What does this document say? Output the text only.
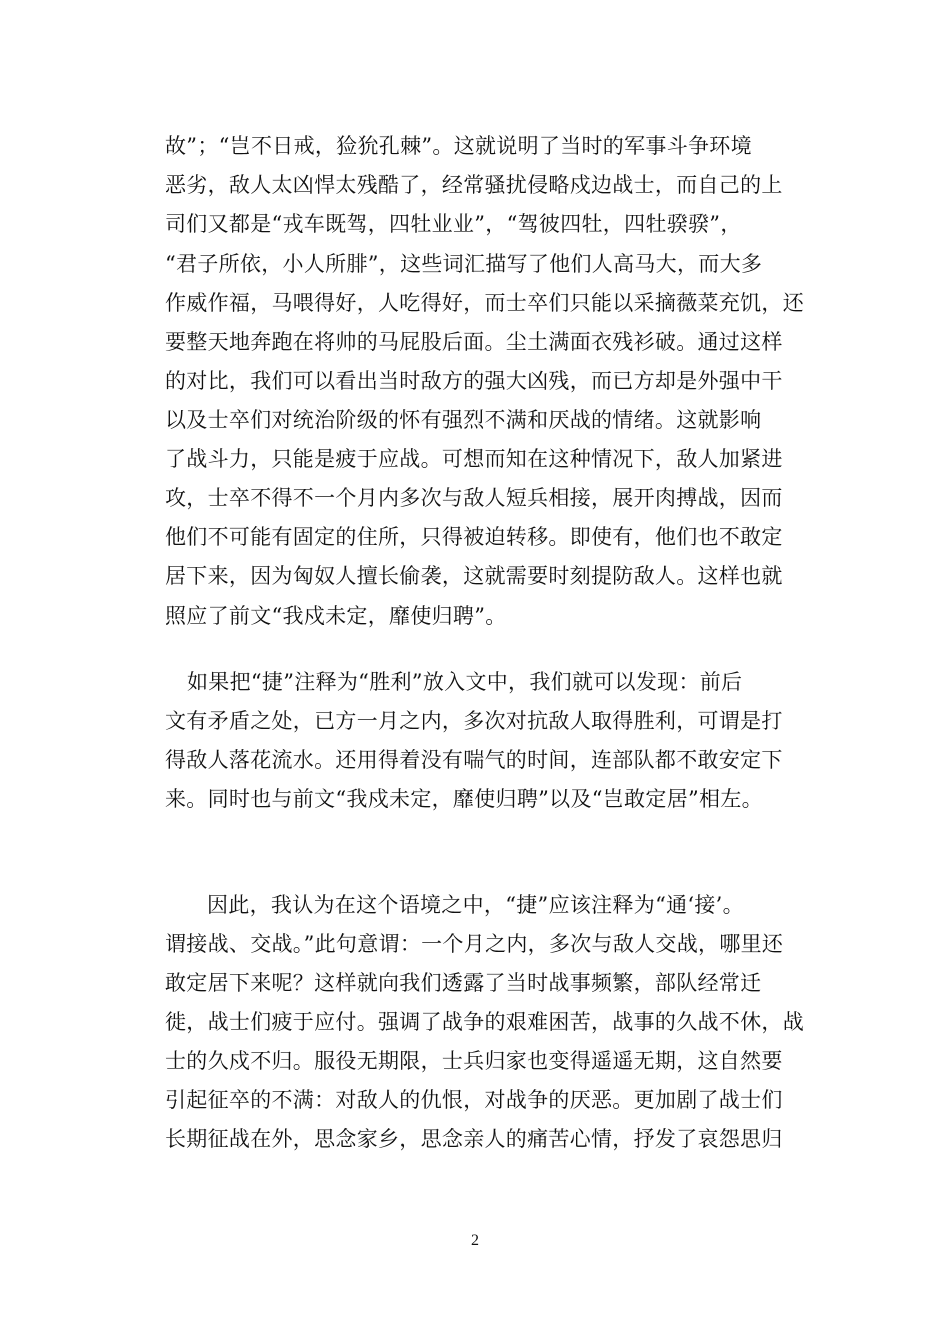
故”；“岂不日戒，猃狁孔棘”。这就说明了当时的军事斗争环境
恶劣，敌人太凶悍太残酷了，经常骚扰侵略戍边战士，而自己的上
司们又都是“戎车既驾，四牡业业”，“驾彼四牡，四牡骙骙”，
“君子所依，小人所腓”，这些词汇描写了他们人高马大，而大多
作威作福，马喂得好，人吃得好，而士卒们只能以采摘薇菜充饥，还
要整天地奔跑在将帅的马屁股后面。尘土满面衣残衫破。通过这样
的对比，我们可以看出当时敌方的强大凶残，而已方却是外强中干
以及士卒们对统治阶级的怀有强烈不满和厌战的情绪。这就影响
了战斗力，只能是疲于应战。可想而知在这种情况下，敌人加紧进
攻，士卒不得不一个月内多次与敌人短兵相接，展开肉搏战，因而
他们不可能有固定的住所，只得被迫转移。即使有，他们也不敢定
居下来，因为匈奴人擅长偷袭，这就需要时刻提防敌人。这样也就
照应了前文“我戍未定，靡使归聘”。
如果把“捷”注释为“胜利”放入文中，我们就可以发现：前后
文有矛盾之处，已方一月之内，多次对抗敌人取得胜利，可谓是打
得敌人落花流水。还用得着没有喘气的时间，连部队都不敢安定下
来。同时也与前文“我戍未定，靡使归聘”以及“岂敢定居”相左。
因此，我认为在这个语境之中，“捷”应该注释为“通‘接’。
谓接战、交战。”此句意谓：一个月之内，多次与敌人交战，哪里还
敢定居下来呢？这样就向我们透露了当时战事频繁，部队经常迁
徙，战士们疲于应付。强调了战争的艰难困苦，战事的久战不休，战
士的久戍不归。服役无期限，士兵归家也变得遥遥无期，这自然要
引起征卒的不满：对敌人的仇恨，对战争的厌恶。更加剧了战士们
长期征战在外，思念家乡，思念亲人的痛苦心情，抒发了哀怨思归
2
